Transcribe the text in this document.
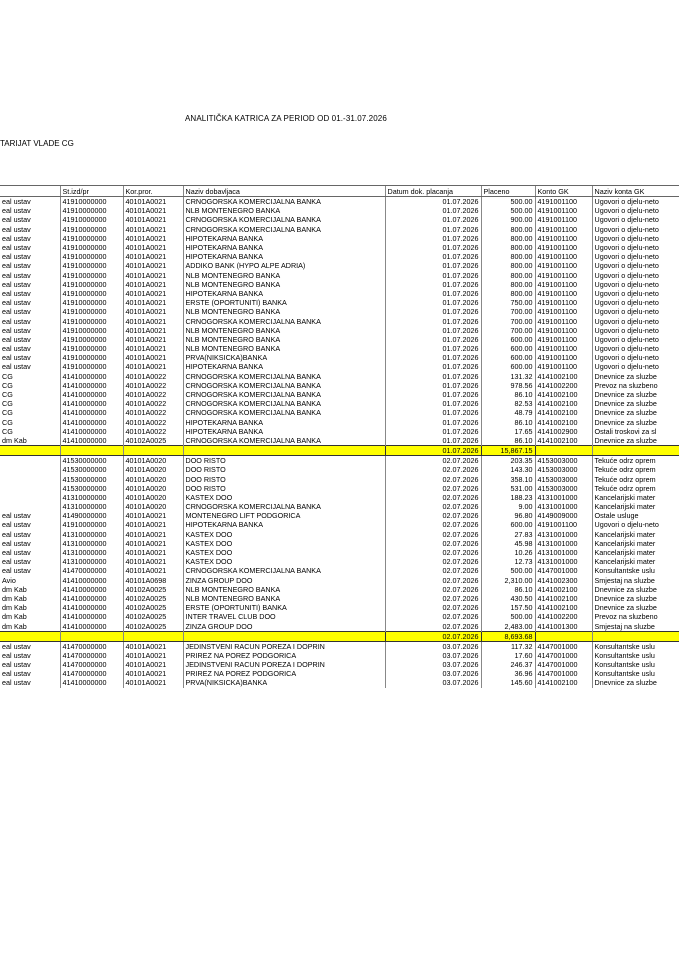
ANALITIČKA KATRICA ZA PERIOD OD 01.-31.07.2026
TARIJAT VLADE CG
	St.izd/pr	Kor.pror.	Naziv dobavljaca	Datum dok. placanja	Placeno	Konto GK	Naziv konta GK
eal ustav	41910000000	40101A0021	CRNOGORSKA KOMERCIJALNA BANKA	01.07.2026	500.00	4191001100	Ugovori o djelu-neto
eal ustav	41910000000	40101A0021	NLB MONTENEGRO BANKA	01.07.2026	500.00	4191001100	Ugovori o djelu-neto
eal ustav	41910000000	40101A0021	CRNOGORSKA KOMERCIJALNA BANKA	01.07.2026	900.00	4191001100	Ugovori o djelu-neto
eal ustav	41910000000	40101A0021	CRNOGORSKA KOMERCIJALNA BANKA	01.07.2026	800.00	4191001100	Ugovori o djelu-neto
eal ustav	41910000000	40101A0021	HIPOTEKARNA BANKA	01.07.2026	800.00	4191001100	Ugovori o djelu-neto
eal ustav	41910000000	40101A0021	HIPOTEKARNA BANKA	01.07.2026	800.00	4191001100	Ugovori o djelu-neto
eal ustav	41910000000	40101A0021	HIPOTEKARNA BANKA	01.07.2026	800.00	4191001100	Ugovori o djelu-neto
eal ustav	41910000000	40101A0021	ADDIKO BANK (HYPO ALPE ADRIA)	01.07.2026	800.00	4191001100	Ugovori o djelu-neto
eal ustav	41910000000	40101A0021	NLB MONTENEGRO BANKA	01.07.2026	800.00	4191001100	Ugovori o djelu-neto
eal ustav	41910000000	40101A0021	NLB MONTENEGRO BANKA	01.07.2026	800.00	4191001100	Ugovori o djelu-neto
eal ustav	41910000000	40101A0021	HIPOTEKARNA BANKA	01.07.2026	800.00	4191001100	Ugovori o djelu-neto
eal ustav	41910000000	40101A0021	ERSTE (OPORTUNITI) BANKA	01.07.2026	750.00	4191001100	Ugovori o djelu-neto
eal ustav	41910000000	40101A0021	NLB MONTENEGRO BANKA	01.07.2026	700.00	4191001100	Ugovori o djelu-neto
eal ustav	41910000000	40101A0021	CRNOGORSKA KOMERCIJALNA BANKA	01.07.2026	700.00	4191001100	Ugovori o djelu-neto
eal ustav	41910000000	40101A0021	NLB MONTENEGRO BANKA	01.07.2026	700.00	4191001100	Ugovori o djelu-neto
eal ustav	41910000000	40101A0021	NLB MONTENEGRO BANKA	01.07.2026	600.00	4191001100	Ugovori o djelu-neto
eal ustav	41910000000	40101A0021	NLB MONTENEGRO BANKA	01.07.2026	600.00	4191001100	Ugovori o djelu-neto
eal ustav	41910000000	40101A0021	PRVA(NIKSICKA)BANKA	01.07.2026	600.00	4191001100	Ugovori o djelu-neto
eal ustav	41910000000	40101A0021	HIPOTEKARNA BANKA	01.07.2026	600.00	4191001100	Ugovori o djelu-neto
CG	41410000000	40101A0022	CRNOGORSKA KOMERCIJALNA BANKA	01.07.2026	131.32	4141002100	Dnevnice za sluzbe
CG	41410000000	40101A0022	CRNOGORSKA KOMERCIJALNA BANKA	01.07.2026	978.56	4141002200	Prevoz na sluzbeno
CG	41410000000	40101A0022	CRNOGORSKA KOMERCIJALNA BANKA	01.07.2026	86.10	4141002100	Dnevnice za sluzbe
CG	41410000000	40101A0022	CRNOGORSKA KOMERCIJALNA BANKA	01.07.2026	82.53	4141002100	Dnevnice za sluzbe
CG	41410000000	40101A0022	CRNOGORSKA KOMERCIJALNA BANKA	01.07.2026	48.79	4141002100	Dnevnice za sluzbe
CG	41410000000	40101A0022	HIPOTEKARNA BANKA	01.07.2026	86.10	4141002100	Dnevnice za sluzbe
CG	41410000000	40101A0022	HIPOTEKARNA BANKA	01.07.2026	17.65	4141002900	Ostali troskovi za sl
dm Kab	41410000000	40102A0025	CRNOGORSKA KOMERCIJALNA BANKA	01.07.2026	86.10	4141002100	Dnevnice za sluzbe
				01.07.2026	15,867.15		
	41530000000	40101A0020	DOO RISTO	02.07.2026	203.35	4153003000	Tekuće odrz oprem
	41530000000	40101A0020	DOO RISTO	02.07.2026	143.30	4153003000	Tekuće odrz oprem
	41530000000	40101A0020	DOO RISTO	02.07.2026	358.10	4153003000	Tekuće odrz oprem
	41530000000	40101A0020	DOO RISTO	02.07.2026	531.00	4153003000	Tekuće odrz oprem
	41310000000	40101A0020	KASTEX DOO	02.07.2026	188.23	4131001000	Kancelarijski mater
	41310000000	40101A0020	CRNOGORSKA KOMERCIJALNA BANKA	02.07.2026	9.00	4131001000	Kancelarijski mater
eal ustav	41490000000	40101A0021	MONTENEGRO LIFT PODGORICA	02.07.2026	96.80	4149009000	Ostale usluge
eal ustav	41910000000	40101A0021	HIPOTEKARNA BANKA	02.07.2026	600.00	4191001100	Ugovori o djelu-neto
eal ustav	41310000000	40101A0021	KASTEX DOO	02.07.2026	27.83	4131001000	Kancelarijski mater
eal ustav	41310000000	40101A0021	KASTEX DOO	02.07.2026	45.98	4131001000	Kancelarijski mater
eal ustav	41310000000	40101A0021	KASTEX DOO	02.07.2026	10.26	4131001000	Kancelarijski mater
eal ustav	41310000000	40101A0021	KASTEX DOO	02.07.2026	12.73	4131001000	Kancelarijski mater
eal ustav	41470000000	40101A0021	CRNOGORSKA KOMERCIJALNA BANKA	02.07.2026	500.00	4147001000	Konsultantske uslu
Avio	41410000000	40101A0698	ZINZA GROUP DOO	02.07.2026	2,310.00	4141002300	Smjestaj na sluzbe
dm Kab	41410000000	40102A0025	NLB MONTENEGRO BANKA	02.07.2026	86.10	4141002100	Dnevnice za sluzbe
dm Kab	41410000000	40102A0025	NLB MONTENEGRO BANKA	02.07.2026	430.50	4141002100	Dnevnice za sluzbe
dm Kab	41410000000	40102A0025	ERSTE (OPORTUNITI) BANKA	02.07.2026	157.50	4141002100	Dnevnice za sluzbe
dm Kab	41410000000	40102A0025	INTER TRAVEL CLUB DOO	02.07.2026	500.00	4141002200	Prevoz na sluzbeno
dm Kab	41410000000	40102A0025	ZINZA GROUP DOO	02.07.2026	2,483.00	4141001300	Smjestaj na sluzbe
				02.07.2026	8,693.68		
eal ustav	41470000000	40101A0021	JEDINSTVENI RACUN POREZA I DOPRIN	03.07.2026	117.32	4147001000	Konsultantske uslu
eal ustav	41470000000	40101A0021	PRIREZ NA POREZ PODGORICA	03.07.2026	17.60	4147001000	Konsultantske uslu
eal ustav	41470000000	40101A0021	JEDINSTVENI RACUN POREZA I DOPRIN	03.07.2026	246.37	4147001000	Konsultantske uslu
eal ustav	41470000000	40101A0021	PRIREZ NA POREZ PODGORICA	03.07.2026	36.96	4147001000	Konsultantske uslu
eal ustav	41410000000	40101A0021	PRVA(NIKSICKA)BANKA	03.07.2026	145.60	4141002100	Dnevnice za sluzbe
